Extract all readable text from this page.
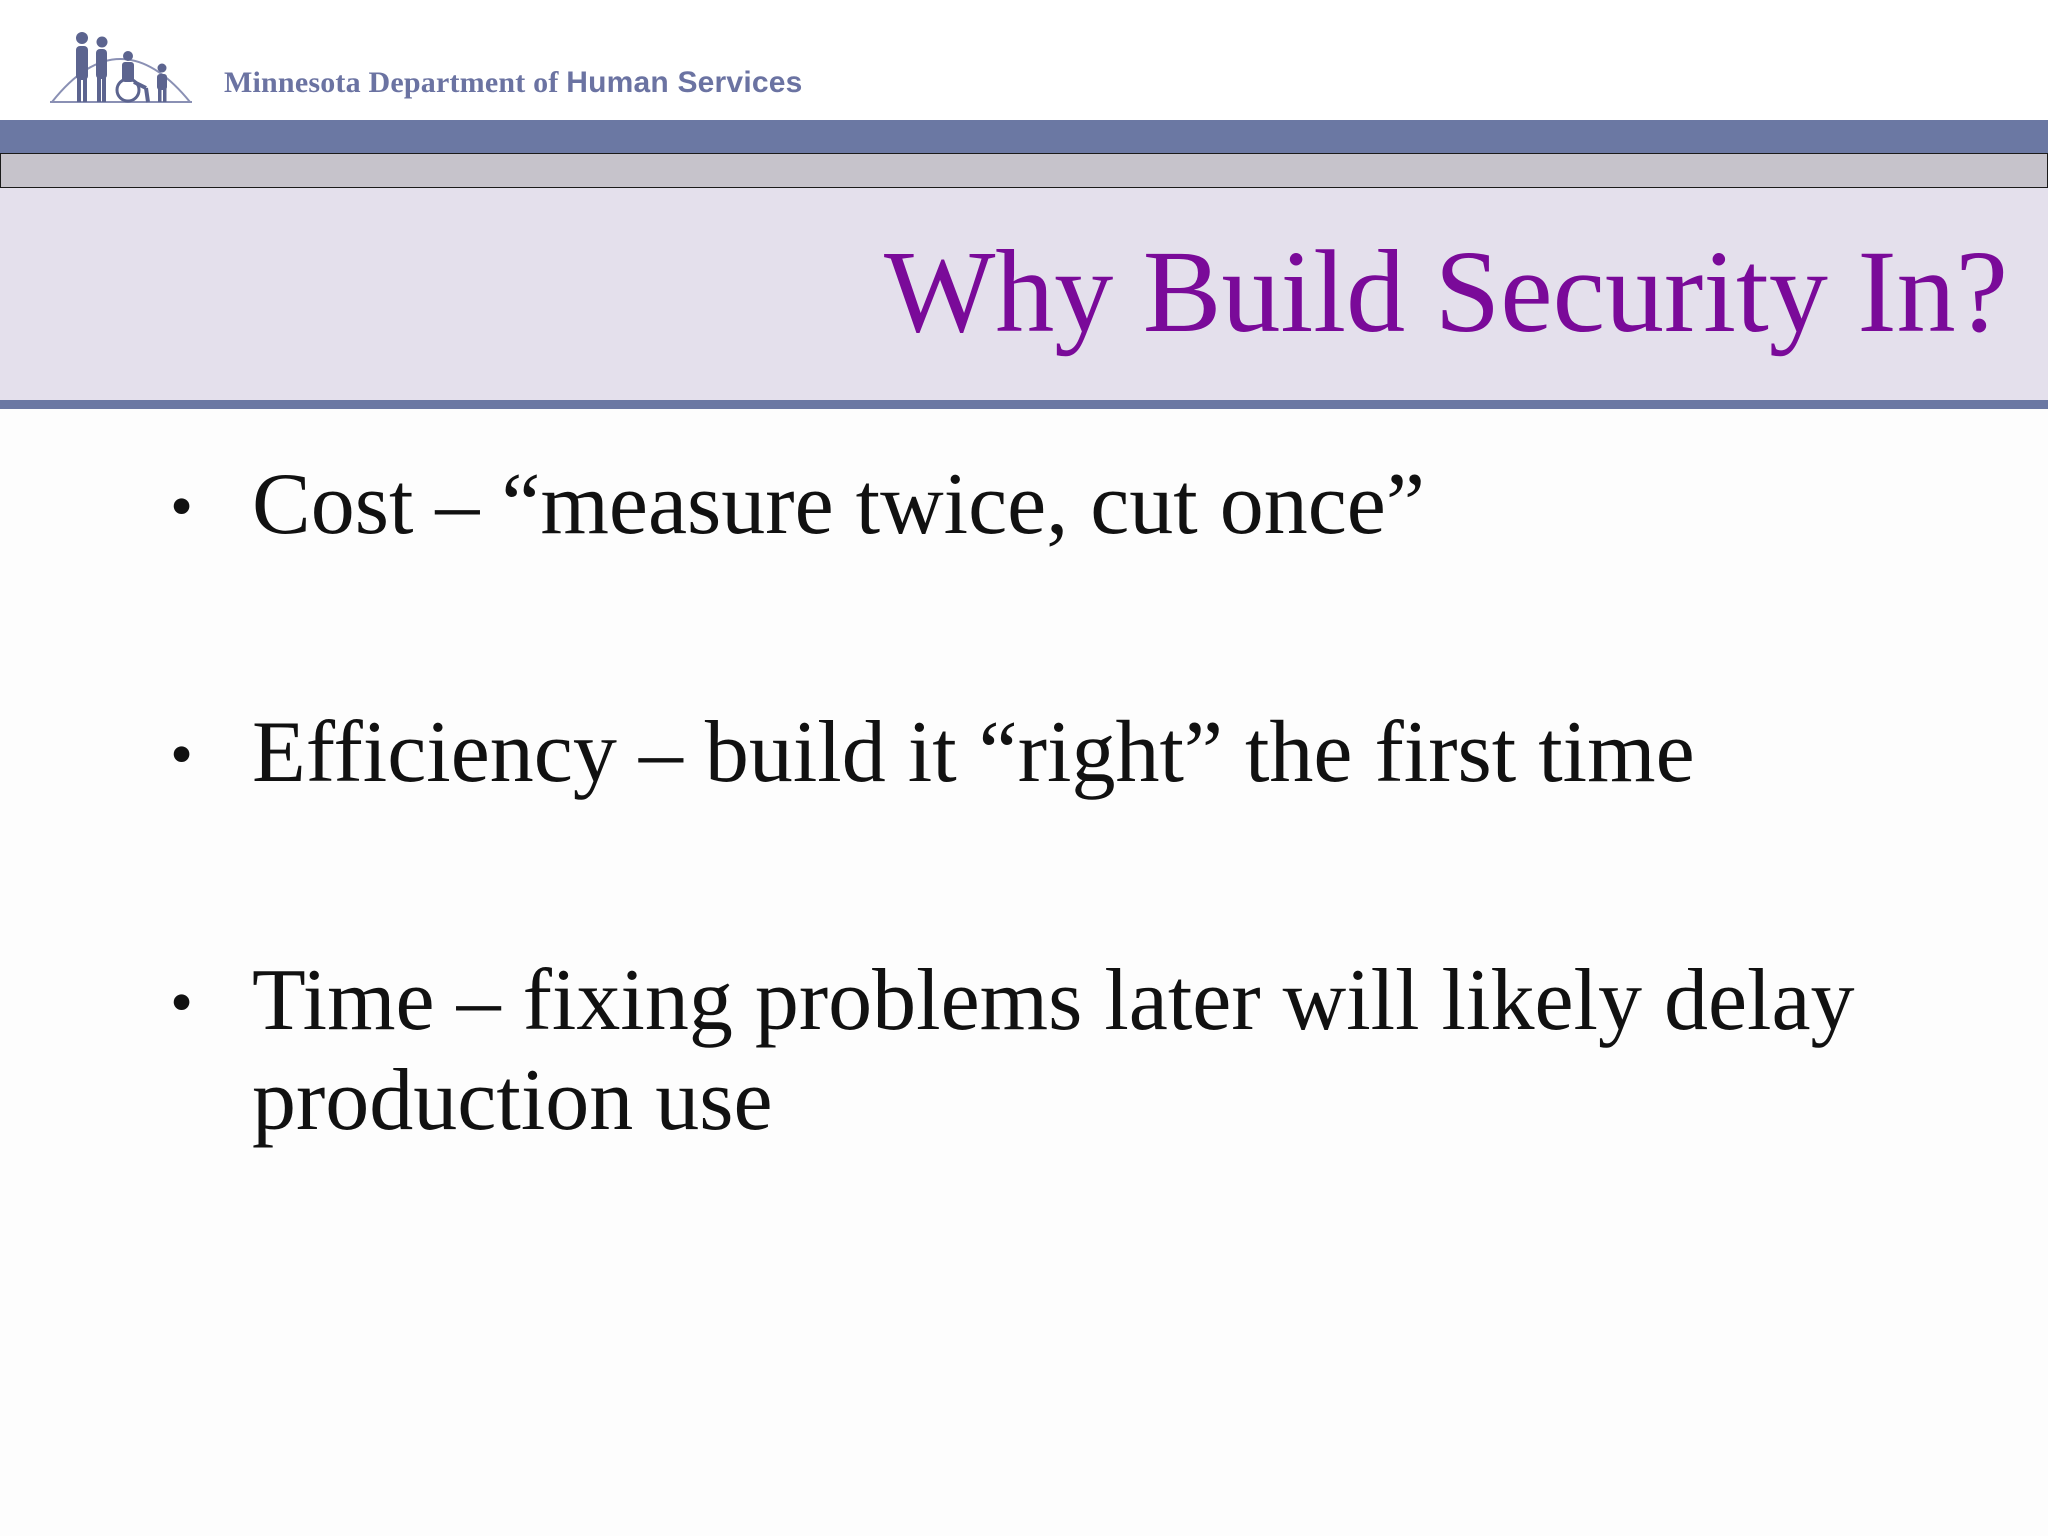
Minnesota Department of Human Services
Why Build Security In?
• Cost – “measure twice, cut once”
• Efficiency – build it “right” the first time
• Time – fixing problems later will likely delay production use
